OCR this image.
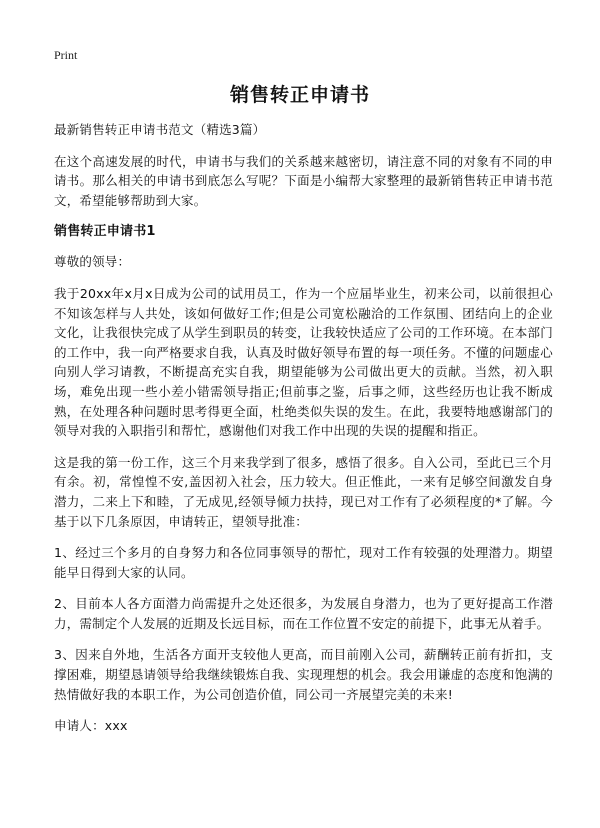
Print
销售转正申请书

最新销售转正申请书范文（精选3篇）

在这个高速发展的时代，申请书与我们的关系越来越密切，请注意不同的对象有不同的申请书。那么相关的申请书到底怎么写呢？下面是小编帮大家整理的最新销售转正申请书范文，希望能够帮助到大家。

销售转正申请书1

尊敬的领导：

我于20xx年x月x日成为公司的试用员工，作为一个应届毕业生，初来公司，以前很担心不知该怎样与人共处，该如何做好工作;但是公司宽松融洽的工作氛围、团结向上的企业文化，让我很快完成了从学生到职员的转变，让我较快适应了公司的工作环境。在本部门的工作中，我一向严格要求自我，认真及时做好领导布置的每一项任务。不懂的问题虚心向别人学习请教，不断提高充实自我，期望能够为公司做出更大的贡献。当然，初入职场，难免出现一些小差小错需领导指正;但前事之鉴，后事之师，这些经历也让我不断成熟，在处理各种问题时思考得更全面，杜绝类似失误的发生。在此，我要特地感谢部门的领导对我的入职指引和帮忙，感谢他们对我工作中出现的失误的提醒和指正。

这是我的第一份工作，这三个月来我学到了很多，感悟了很多。自入公司，至此已三个月有余。初，常惶惶不安,盖因初入社会，压力较大。但正惟此，一来有足够空间激发自身潜力，二来上下和睦，了无成见,经领导倾力扶持，现已对工作有了必须程度的*了解。今基于以下几条原因，申请转正，望领导批准：

1、经过三个多月的自身努力和各位同事领导的帮忙，现对工作有较强的处理潜力。期望能早日得到大家的认同。

2、目前本人各方面潜力尚需提升之处还很多，为发展自身潜力，也为了更好提高工作潜力，需制定个人发展的近期及长远目标，而在工作位置不安定的前提下，此事无从着手。

3、因来自外地，生活各方面开支较他人更高，而目前刚入公司，薪酬转正前有折扣，支撑困难，期望恳请领导给我继续锻炼自我、实现理想的机会。我会用谦虚的态度和饱满的热情做好我的本职工作，为公司创造价值，同公司一齐展望完美的未来!

申请人：xxx
